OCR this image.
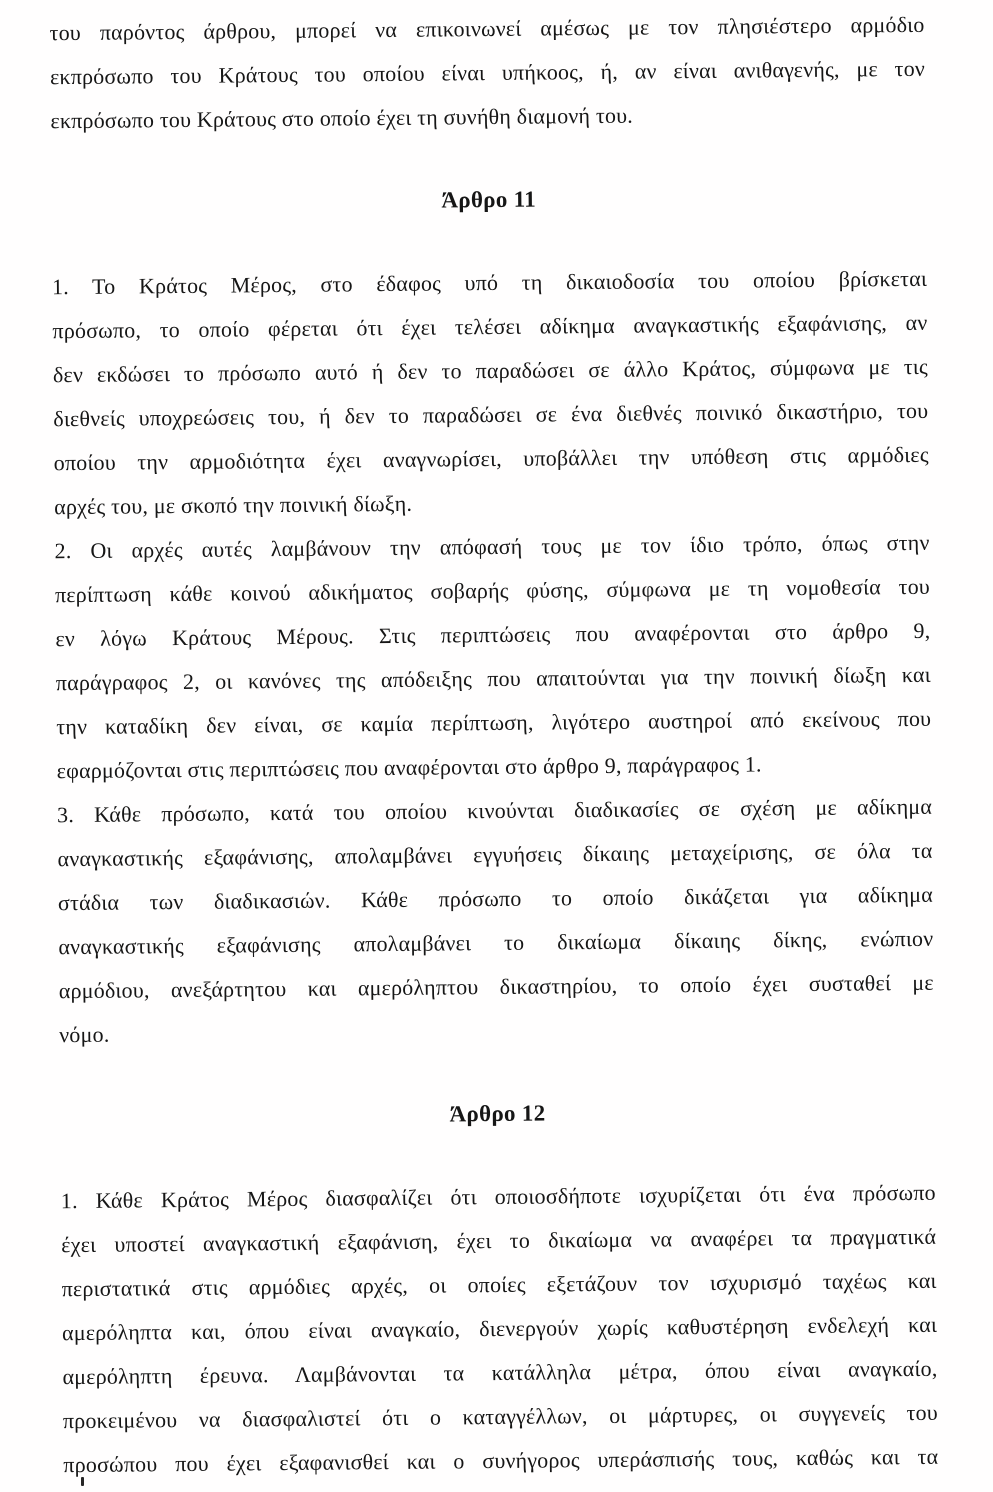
του παρόντος άρθρου, μπορεί να επικοινωνεί αμέσως με τον πλησιέστερο αρμόδιο
εκπρόσωπο του Κράτους του οποίου είναι υπήκοος, ή, αν είναι ανιθαγενής, με τον
εκπρόσωπο του Κράτους στο οποίο έχει τη συνήθη διαμονή του.
Άρθρο 11
1. Το Κράτος Μέρος, στο έδαφος υπό τη δικαιοδοσία του οποίου βρίσκεται
πρόσωπο, το οποίο φέρεται ότι έχει τελέσει αδίκημα αναγκαστικής εξαφάνισης, αν
δεν εκδώσει το πρόσωπο αυτό ή δεν το παραδώσει σε άλλο Κράτος, σύμφωνα με τις
διεθνείς υποχρεώσεις του, ή δεν το παραδώσει σε ένα διεθνές ποινικό δικαστήριο, του
οποίου την αρμοδιότητα έχει αναγνωρίσει, υποβάλλει την υπόθεση στις αρμόδιες
αρχές του, με σκοπό την ποινική δίωξη.
2. Οι αρχές αυτές λαμβάνουν την απόφασή τους με τον ίδιο τρόπο, όπως στην
περίπτωση κάθε κοινού αδικήματος σοβαρής φύσης, σύμφωνα με τη νομοθεσία του
εν λόγω Κράτους Μέρους. Στις περιπτώσεις που αναφέρονται στο άρθρο 9,
παράγραφος 2, οι κανόνες της απόδειξης που απαιτούνται για την ποινική δίωξη και
την καταδίκη δεν είναι, σε καμία περίπτωση, λιγότερο αυστηροί από εκείνους που
εφαρμόζονται στις περιπτώσεις που αναφέρονται στο άρθρο 9, παράγραφος 1.
3. Κάθε πρόσωπο, κατά του οποίου κινούνται διαδικασίες σε σχέση με αδίκημα
αναγκαστικής εξαφάνισης, απολαμβάνει εγγυήσεις δίκαιης μεταχείρισης, σε όλα τα
στάδια των διαδικασιών. Κάθε πρόσωπο το οποίο δικάζεται για αδίκημα
αναγκαστικής εξαφάνισης απολαμβάνει το δικαίωμα δίκαιης δίκης, ενώπιον
αρμόδιου, ανεξάρτητου και αμερόληπτου δικαστηρίου, το οποίο έχει συσταθεί με
νόμο.
Άρθρο 12
1. Κάθε Κράτος Μέρος διασφαλίζει ότι οποιοσδήποτε ισχυρίζεται ότι ένα πρόσωπο
έχει υποστεί αναγκαστική εξαφάνιση, έχει το δικαίωμα να αναφέρει τα πραγματικά
περιστατικά στις αρμόδιες αρχές, οι οποίες εξετάζουν τον ισχυρισμό ταχέως και
αμερόληπτα και, όπου είναι αναγκαίο, διενεργούν χωρίς καθυστέρηση ενδελεχή και
αμερόληπτη έρευνα. Λαμβάνονται τα κατάλληλα μέτρα, όπου είναι αναγκαίο,
προκειμένου να διασφαλιστεί ότι ο καταγγέλλων, οι μάρτυρες, οι συγγενείς του
προσώπου που έχει εξαφανισθεί και ο συνήγορος υπεράσπισής τους, καθώς και τα
